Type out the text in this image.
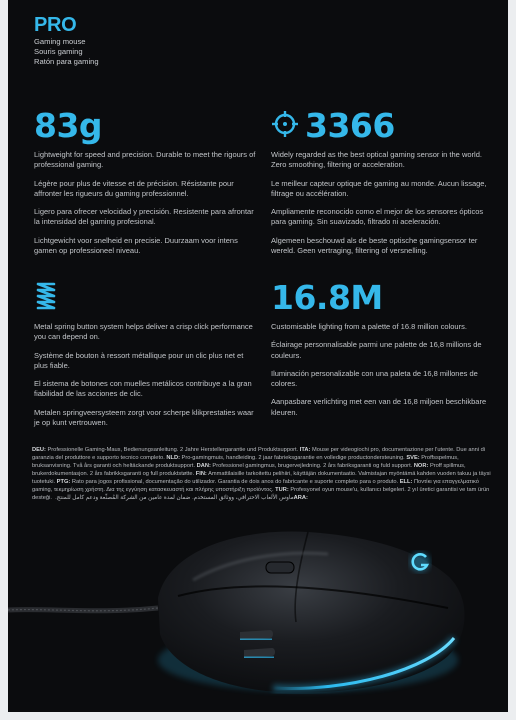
PRO
Gaming mouse
Souris gaming
Ratón para gaming
83g

Lightweight for speed and precision. Durable to meet the rigours of professional gaming.

Légère pour plus de vitesse et de précision. Résistante pour affronter les rigueurs du gaming professionnel.

Ligero para ofrecer velocidad y precisión. Resistente para afrontar la intensidad del gaming profesional.

Lichtgewicht voor snelheid en precisie. Duurzaam voor intens gamen op professioneel niveau.

3366

Widely regarded as the best optical gaming sensor in the world. Zero smoothing, filtering or acceleration.

Le meilleur capteur optique de gaming au monde. Aucun lissage, filtrage ou accélération.

Ampliamente reconocido como el mejor de los sensores ópticos para gaming. Sin suavizado, filtrado ni aceleración.

Algemeen beschouwd als de beste optische gamingsensor ter wereld. Geen vertraging, filtering of versnelling.

Metal spring button system helps deliver a crisp click performance you can depend on.

Système de bouton à ressort métallique pour un clic plus net et plus fiable.

El sistema de botones con muelles metálicos contribuye a la gran fiabilidad de las acciones de clic.

Metalen springveersysteem zorgt voor scherpe klikprestaties waar je op kunt vertrouwen.

16.8M

Customisable lighting from a palette of 16.8 million colours.

Éclairage personnalisable parmi une palette de 16,8 millions de couleurs.

Iluminación personalizable con una paleta de 16,8 millones de colores.

Aanpasbare verlichting met een van de 16,8 miljoen beschikbare kleuren.

DEU: Professionelle Gaming-Maus, Bedienungsanleitung. 2 Jahre Herstellergarantie und Produktsupport. ITA: Mouse per videogiochi pro, documentazione per l'utente. Due anni di garanzia del produttore e supporto tecnico completo. NLD: Pro-gamingmuis, handleiding. 2 jaar fabrieksgarantie en volledige productondersteuning. SVE: Proffsspelmus, bruksanvisning. Två års garanti och heltäckande produktsupport. DAN: Professionel gamingmus, brugervejledning. 2 års fabriksgaranti og fuld support. NOR: Proff spillmus, brukerdokumentasjon. 2 års fabrikksgaranti og full produktstøtte. FIN: Ammattilaisille tarkoitettu pelihiiri, käyttäjän dokumentaatio. Valmistajan myöntämä kahden vuoden takuu ja täysi tuotetuki. PTG: Rato para jogos profissional, documentação do utilizador. Garantia de dois anos do fabricante e suporte completo para o produto. ELL: Ποντίκι για επαγγελματικό gaming, τεκμηρίωση χρήστη. Δια της εγγύηση κατασκευαστή και πλήρης υποστήριξη προϊόντος. TUR: Profesyonel oyun mouse'u, kullanıcı belgeleri. 2 yıl üretici garantisi ve tam ürün desteği. ماوس الألعاب الاحترافي، ووثائق المستخدم. ضمان لمدة عامين من الشركة المُصنِّعة ودعم كامل للمنتج. ARA:
